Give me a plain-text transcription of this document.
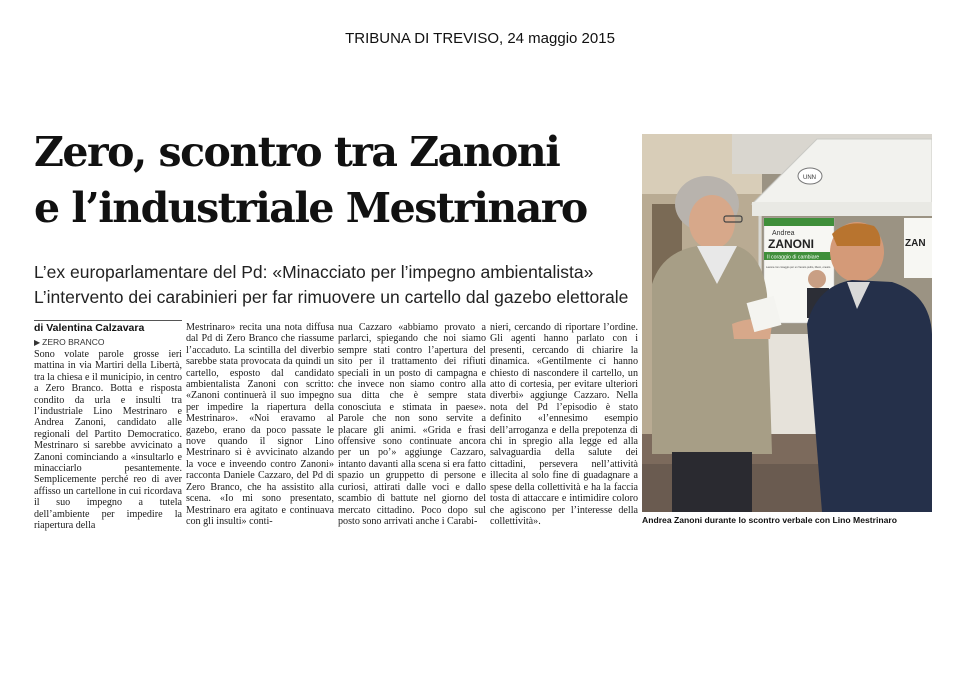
TRIBUNA DI TREVISO, 24 maggio 2015
Zero, scontro tra Zanoni
e l’industriale Mestrinaro
L’ex europarlamentare del Pd: «Minacciato per l’impegno ambientalista»
L’intervento dei carabinieri per far rimuovere un cartello dal gazebo elettorale
di Valentina Calzavara
▶ ZERO BRANCO

Sono volate parole grosse ieri mattina in via Martiri della Libertà, tra la chiesa e il municipio, in centro a Zero Branco. Botta e risposta condito da urla e insulti tra l’industriale Lino Mestrinaro e Andrea Zanoni, candidato alle regionali del Partito Democratico. Mestrinaro si sarebbe avvicinato a Zanoni cominciando a «insultarlo e minacciarlo pesantemente. Semplicemente perché reo di aver affisso un cartellone in cui ricordava il suo impegno a tutela dell’ambiente per impedire la riapertura della

Mestrinaro» recita una nota diffusa dal Pd di Zero Branco che riassume l’accaduto. La scintilla del diverbio sarebbe stata provocata da quindi un cartello, esposto dal candidato ambientalista Zanoni con scritto: «Zanoni continuerà il suo impegno per impedire la riapertura della Mestrinaro». «Noi eravamo al gazebo, erano da poco passate le nove quando il signor Lino Mestrinaro si è avvicinato alzando la voce e inveendo contro Zanoni» racconta Daniele Cazzaro, del Pd di Zero Branco, che ha assistito alla scena. «Io mi sono presentato, Mestrinaro era agitato e continuava con gli insulti» conti-

nua Cazzaro «abbiamo provato a parlarci, spiegando che noi siamo sempre stati contro l’apertura del sito per il trattamento dei rifiuti speciali in un posto di campagna e che invece non siamo contro alla sua ditta che è sempre stata conosciuta e stimata in paese». Parole che non sono servite a placare gli animi. «Grida e frasi offensive sono continuate ancora per un po’» aggiunge Cazzaro, intanto davanti alla scena si era fatto spazio un gruppetto di persone e curiosi, attirati dalle voci e dallo scambio di battute nel giorno del mercato cittadino. Poco dopo sul posto sono arrivati anche i Carabi-

nieri, cercando di riportare l’ordine. Gli agenti hanno parlato con i presenti, cercando di chiarire la dinamica. «Gentilmente ci hanno chiesto di nascondere il cartello, un atto di cortesia, per evitare ulteriori diverbi» aggiunge Cazzaro. Nella nota del Pd l’episodio è stato definito «l’ennesimo esempio dell’arroganza e della prepotenza di chi in spregio alla legge ed alla salvaguardia della salute dei cittadini, persevera nell’attività illecita al solo fine di guadagnare a spese della collettività e ha la faccia tosta di attaccare e intimidire coloro che agiscono per l’interesse della collettività».

UNN
Andrea
ZANONI
Il coraggio di cambiare
Lavora con coraggio per un Veneto pulito, libero, onesto
ZAN
Andrea Zanoni durante lo scontro verbale con Lino Mestrinaro
